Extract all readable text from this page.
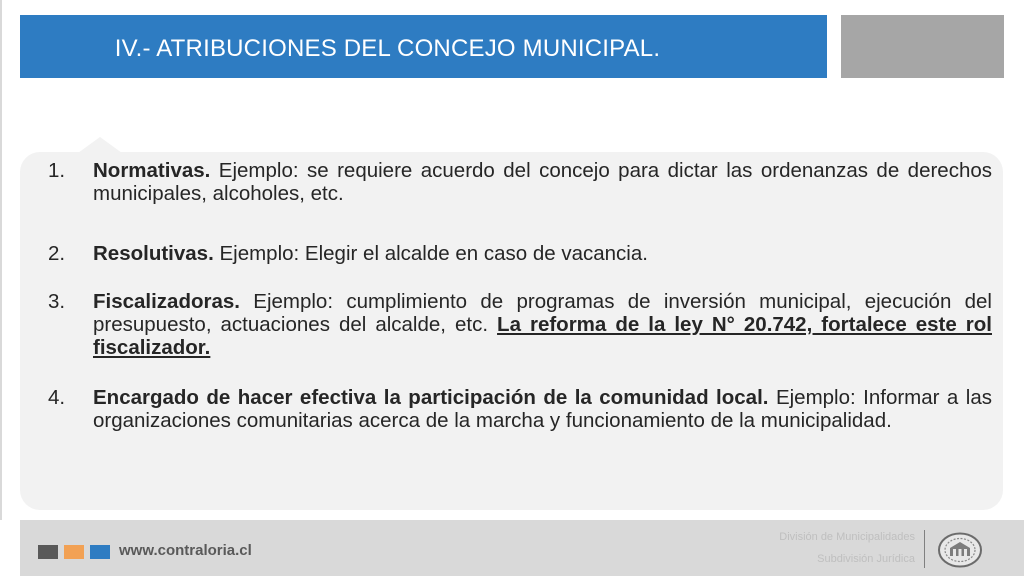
IV.- ATRIBUCIONES DEL CONCEJO MUNICIPAL.
1. Normativas. Ejemplo: se requiere acuerdo del concejo para dictar las ordenanzas de derechos municipales, alcoholes, etc.
2. Resolutivas. Ejemplo: Elegir el alcalde en caso de vacancia.
3. Fiscalizadoras. Ejemplo: cumplimiento de programas de inversión municipal, ejecución del presupuesto, actuaciones del alcalde, etc. La reforma de la ley N° 20.742, fortalece este rol fiscalizador.
4. Encargado de hacer efectiva la participación de la comunidad local. Ejemplo: Informar a las organizaciones comunitarias acerca de la marcha y funcionamiento de la municipalidad.
www.contraloria.cl
División de Municipalidades
Subdivisión Jurídica
